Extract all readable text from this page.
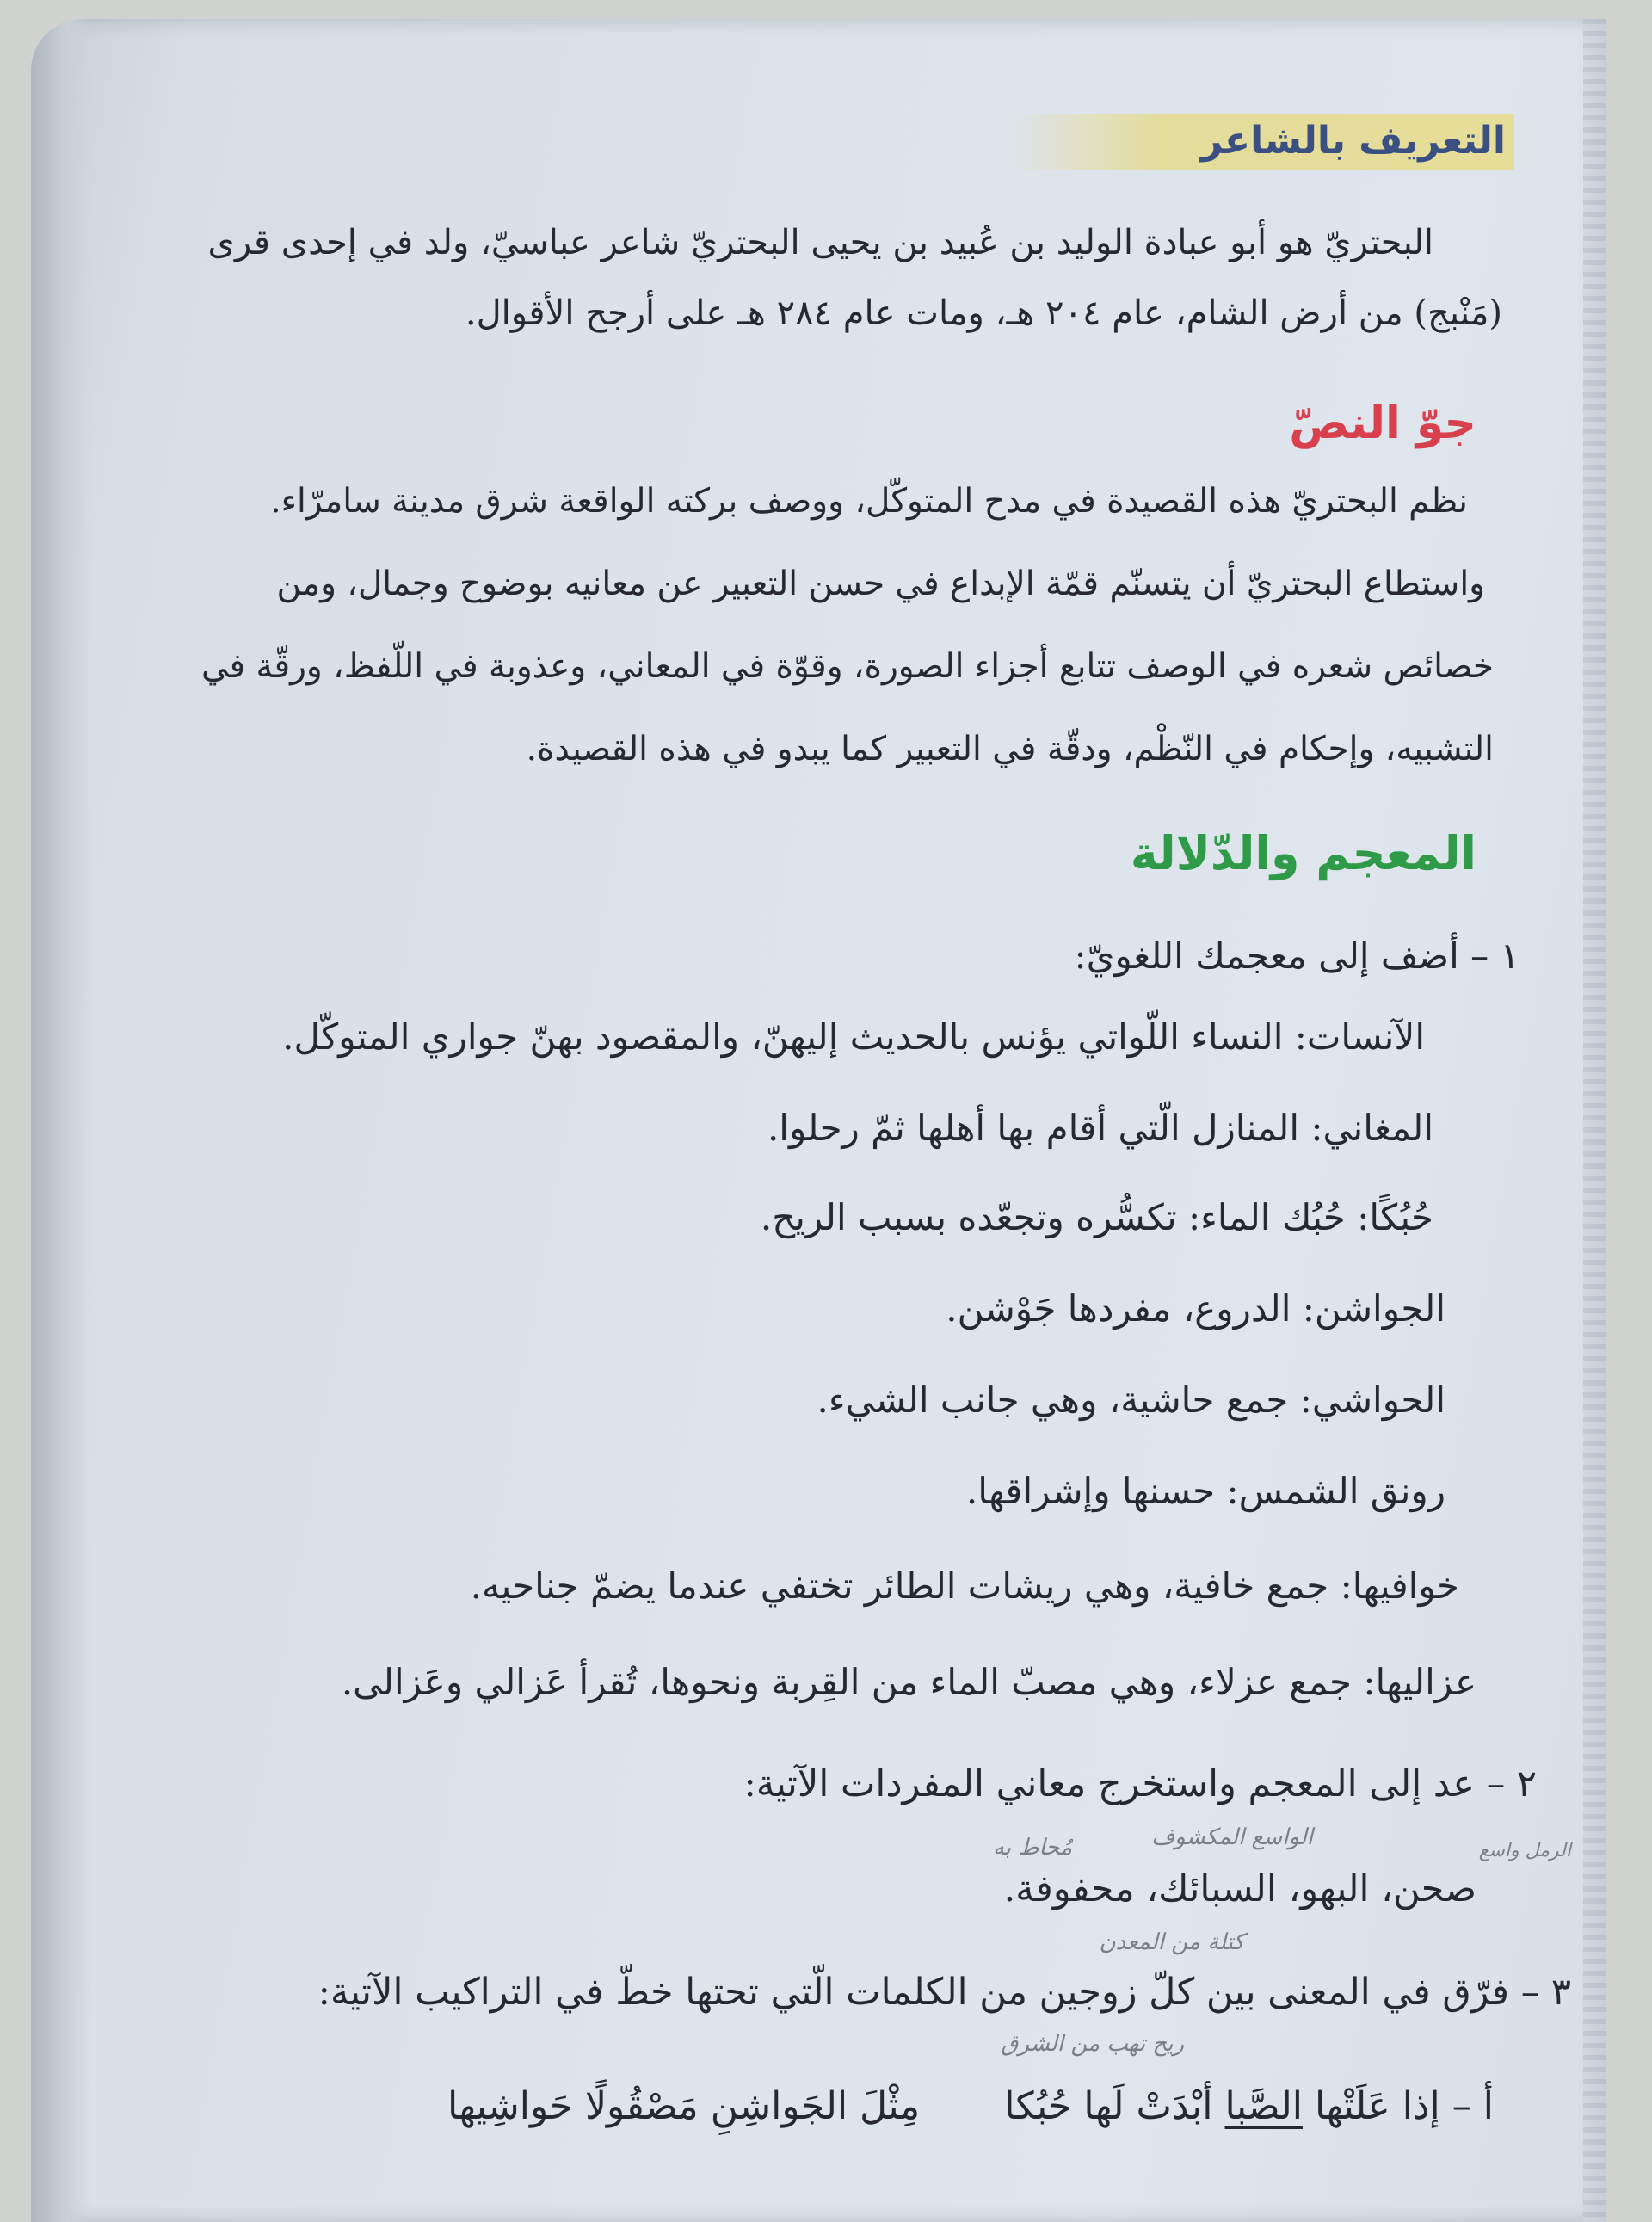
التعريف بالشاعر
البحتريّ هو أبو عبادة الوليد بن عُبيد بن يحيى البحتريّ شاعر عباسيّ، ولد في إحدى قرى
(مَنْبج) من أرض الشام، عام ٢٠٤ هـ، ومات عام ٢٨٤ هـ على أرجح الأقوال.
جوّ النصّ
نظم البحتريّ هذه القصيدة في مدح المتوكّل، ووصف بركته الواقعة شرق مدينة سامرّاء.
واستطاع البحتريّ أن يتسنّم قمّة الإبداع في حسن التعبير عن معانيه بوضوح وجمال، ومن
خصائص شعره في الوصف تتابع أجزاء الصورة، وقوّة في المعاني، وعذوبة في اللّفظ، ورقّة في
التشبيه، وإحكام في النّظْم، ودقّة في التعبير كما يبدو في هذه القصيدة.
المعجم والدّلالة
١ – أضف إلى معجمك اللغويّ:
الآنسات: النساء اللّواتي يؤنس بالحديث إليهنّ، والمقصود بهنّ جواري المتوكّل.
المغاني: المنازل الّتي أقام بها أهلها ثمّ رحلوا.
حُبُكًا: حُبُك الماء: تكسُّره وتجعّده بسبب الريح.
الجواشن: الدروع، مفردها جَوْشن.
الحواشي: جمع حاشية، وهي جانب الشيء.
رونق الشمس: حسنها وإشراقها.
خوافيها: جمع خافية، وهي ريشات الطائر تختفي عندما يضمّ جناحيه.
عزاليها: جمع عزلاء، وهي مصبّ الماء من القِربة ونحوها، تُقرأ عَزالي وعَزالى.
٢ – عد إلى المعجم واستخرج معاني المفردات الآتية:
الواسع المكشوف
مُحاط به	الرمل واسع
صحن، البهو، السبائك، محفوفة.
كتلة من المعدن
٣ – فرّق في المعنى بين كلّ زوجين من الكلمات الّتي تحتها خطّ في التراكيب الآتية:
ريح تهب من الشرق
أ – إذا عَلَتْها الصَّبا أبْدَتْ لَها حُبُكا  مِثْلَ الجَواشِنِ مَصْقُولًا حَواشِيها
